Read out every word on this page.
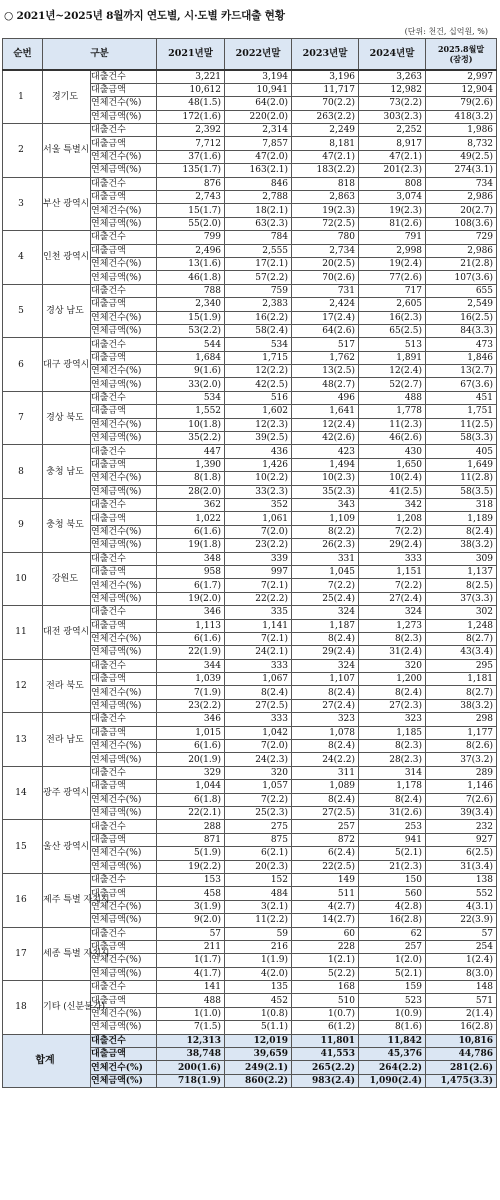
○ 2021년~2025년 8월까지 연도별, 시·도별 카드대출 현황
(단위: 천건, 십억원, %)
순번	구분		2021년말	2022년말	2023년말	2024년말	2025.8월말
(잠정)
1	경기도	대출건수	3,221	3,194	3,196	3,263	2,997
		대출금액	10,612	10,941	11,717	12,982	12,904
		연체건수(%)	48(1.5)	64(2.0)	70(2.2)	73(2.2)	79(2.6)
		연체금액(%)	172(1.6)	220(2.0)	263(2.2)	303(2.3)	418(3.2)
2	서울 특별시	대출건수	2,392	2,314	2,249	2,252	1,986
		대출금액	7,712	7,857	8,181	8,917	8,732
		연체건수(%)	37(1.6)	47(2.0)	47(2.1)	47(2.1)	49(2.5)
		연체금액(%)	135(1.7)	163(2.1)	183(2.2)	201(2.3)	274(3.1)
3	부산 광역시	대출건수	876	846	818	808	734
		대출금액	2,743	2,788	2,863	3,074	2,986
		연체건수(%)	15(1.7)	18(2.1)	19(2.3)	19(2.3)	20(2.7)
		연체금액(%)	55(2.0)	63(2.3)	72(2.5)	81(2.6)	108(3.6)
4	인천 광역시	대출건수	799	784	780	791	729
		대출금액	2,496	2,555	2,734	2,998	2,986
		연체건수(%)	13(1.6)	17(2.1)	20(2.5)	19(2.4)	21(2.8)
		연체금액(%)	46(1.8)	57(2.2)	70(2.6)	77(2.6)	107(3.6)
5	경상 남도	대출건수	788	759	731	717	655
		대출금액	2,340	2,383	2,424	2,605	2,549
		연체건수(%)	15(1.9)	16(2.2)	17(2.4)	16(2.3)	16(2.5)
		연체금액(%)	53(2.2)	58(2.4)	64(2.6)	65(2.5)	84(3.3)
6	대구 광역시	대출건수	544	534	517	513	473
		대출금액	1,684	1,715	1,762	1,891	1,846
		연체건수(%)	9(1.6)	12(2.2)	13(2.5)	12(2.4)	13(2.7)
		연체금액(%)	33(2.0)	42(2.5)	48(2.7)	52(2.7)	67(3.6)
7	경상 북도	대출건수	534	516	496	488	451
		대출금액	1,552	1,602	1,641	1,778	1,751
		연체건수(%)	10(1.8)	12(2.3)	12(2.4)	11(2.3)	11(2.5)
		연체금액(%)	35(2.2)	39(2.5)	42(2.6)	46(2.6)	58(3.3)
8	충청 남도	대출건수	447	436	423	430	405
		대출금액	1,390	1,426	1,494	1,650	1,649
		연체건수(%)	8(1.8)	10(2.2)	10(2.3)	10(2.4)	11(2.8)
		연체금액(%)	28(2.0)	33(2.3)	35(2.3)	41(2.5)	58(3.5)
9	충청 북도	대출건수	362	352	343	342	318
		대출금액	1,022	1,061	1,109	1,208	1,189
		연체건수(%)	6(1.6)	7(2.0)	8(2.2)	7(2.2)	8(2.4)
		연체금액(%)	19(1.8)	23(2.2)	26(2.3)	29(2.4)	38(3.2)
10	강원도	대출건수	348	339	331	333	309
		대출금액	958	997	1,045	1,151	1,137
		연체건수(%)	6(1.7)	7(2.1)	7(2.2)	7(2.2)	8(2.5)
		연체금액(%)	19(2.0)	22(2.2)	25(2.4)	27(2.4)	37(3.3)
11	대전 광역시	대출건수	346	335	324	324	302
		대출금액	1,113	1,141	1,187	1,273	1,248
		연체건수(%)	6(1.6)	7(2.1)	8(2.4)	8(2.3)	8(2.7)
		연체금액(%)	22(1.9)	24(2.1)	29(2.4)	31(2.4)	43(3.4)
12	전라 북도	대출건수	344	333	324	320	295
		대출금액	1,039	1,067	1,107	1,200	1,181
		연체건수(%)	7(1.9)	8(2.4)	8(2.4)	8(2.4)	8(2.7)
		연체금액(%)	23(2.2)	27(2.5)	27(2.4)	27(2.3)	38(3.2)
13	전라 남도	대출건수	346	333	323	323	298
		대출금액	1,015	1,042	1,078	1,185	1,177
		연체건수(%)	6(1.6)	7(2.0)	8(2.4)	8(2.3)	8(2.6)
		연체금액(%)	20(1.9)	24(2.3)	24(2.2)	28(2.3)	37(3.2)
14	광주 광역시	대출건수	329	320	311	314	289
		대출금액	1,044	1,057	1,089	1,178	1,146
		연체건수(%)	6(1.8)	7(2.2)	8(2.4)	8(2.4)	7(2.6)
		연체금액(%)	22(2.1)	25(2.3)	27(2.5)	31(2.6)	39(3.4)
15	울산 광역시	대출건수	288	275	257	253	232
		대출금액	871	875	872	941	927
		연체건수(%)	5(1.9)	6(2.1)	6(2.4)	5(2.1)	6(2.5)
		연체금액(%)	19(2.2)	20(2.3)	22(2.5)	21(2.3)	31(3.4)
16	제주 특별 자치시	대출건수	153	152	149	150	138
		대출금액	458	484	511	560	552
		연체건수(%)	3(1.9)	3(2.1)	4(2.7)	4(2.8)	4(3.1)
		연체금액(%)	9(2.0)	11(2.2)	14(2.7)	16(2.8)	22(3.9)
17	세종 특별 자치시	대출건수	57	59	60	62	57
		대출금액	211	216	228	257	254
		연체건수(%)	1(1.7)	1(1.9)	1(2.1)	1(2.0)	1(2.4)
		연체금액(%)	4(1.7)	4(2.0)	5(2.2)	5(2.1)	8(3.0)
18	기타 (신분불가)	대출건수	141	135	168	159	148
		대출금액	488	452	510	523	571
		연체건수(%)	1(1.0)	1(0.8)	1(0.7)	1(0.9)	2(1.4)
		연체금액(%)	7(1.5)	5(1.1)	6(1.2)	8(1.6)	16(2.8)
합계		대출건수	12,313	12,019	11,801	11,842	10,816
		대출금액	38,748	39,659	41,553	45,376	44,786
		연체건수(%)	200(1.6)	249(2.1)	265(2.2)	264(2.2)	281(2.6)
		연체금액(%)	718(1.9)	860(2.2)	983(2.4)	1,090(2.4)	1,475(3.3)
